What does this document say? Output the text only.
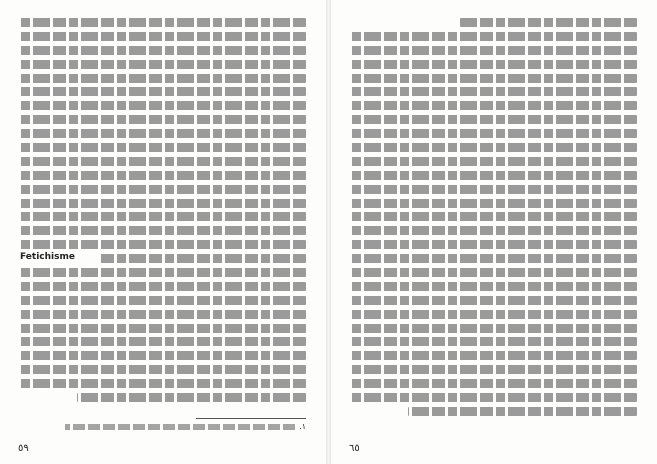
٦٥
Fetichisme
۱.
٥٩
